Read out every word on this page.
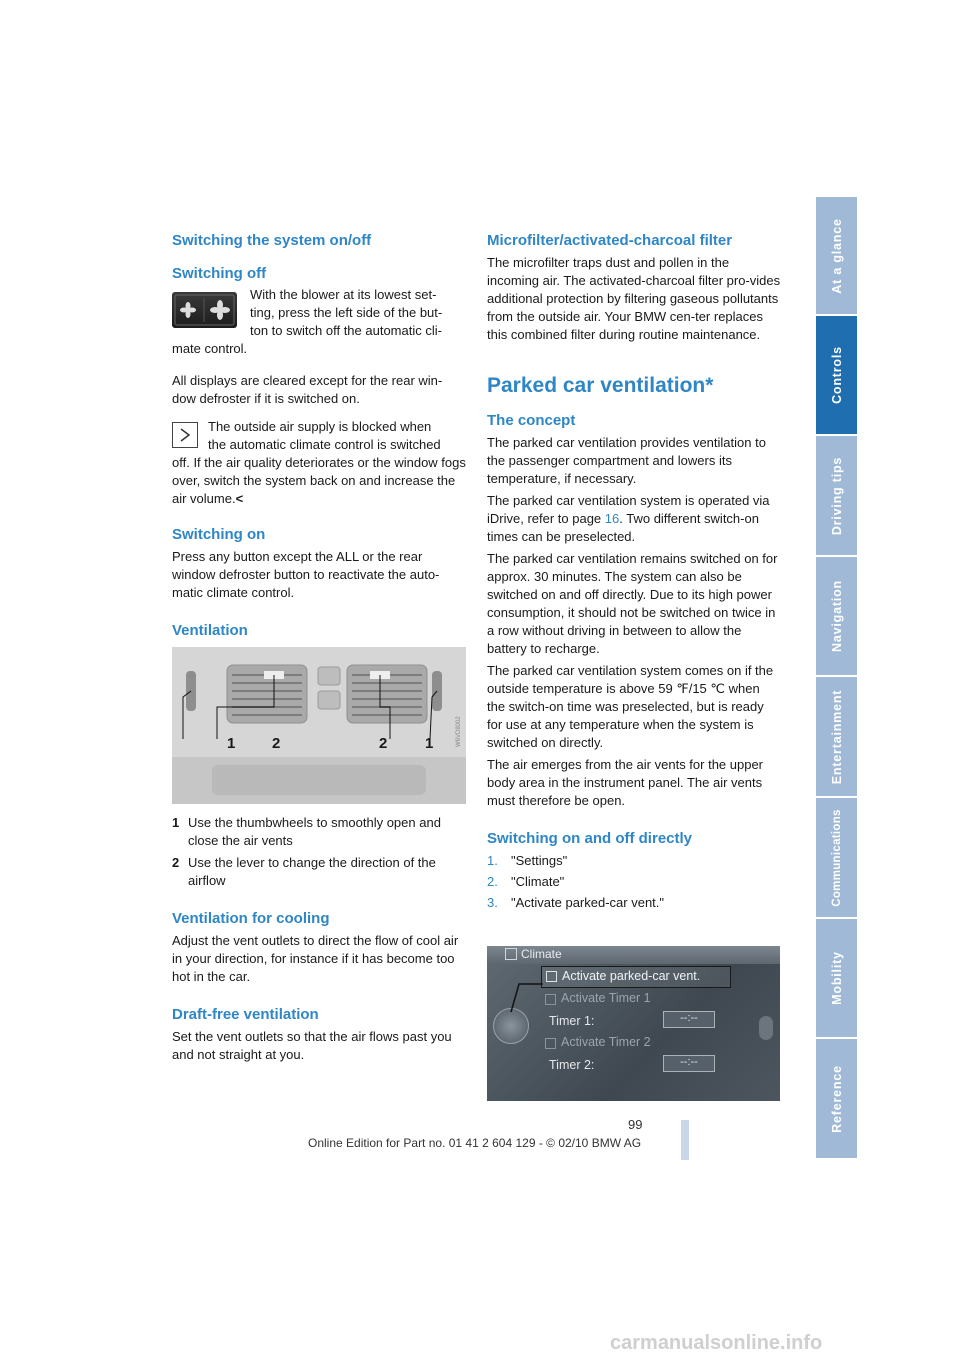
At a glance
Controls
Driving tips
Navigation
Entertainment
Communications
Mobility
Reference
Switching the system on/off
Switching off

With the blower at its lowest set-

ting, press the left side of the but-

ton to switch off the automatic cli-

mate control.

All displays are cleared except for the rear win-dow defroster if it is switched on.

The outside air supply is blocked when

the automatic climate control is switched

off. If the air quality deteriorates or the window fogs over, switch the system back on and increase the air volume.<

Switching on

Press any button except the ALL or the rear window defroster button to reactivate the auto-matic climate control.

Ventilation
1 2	2	1	W6VD8002
1 Use the thumbwheels to smoothly open and close the air vents
2 Use the lever to change the direction of the airflow
Ventilation for cooling

Adjust the vent outlets to direct the flow of cool air in your direction, for instance if it has become too hot in the car.

Draft-free ventilation

Set the vent outlets so that the air flows past you and not straight at you.

Microfilter/activated-charcoal filter

The microfilter traps dust and pollen in the incoming air. The activated-charcoal filter pro-vides additional protection by filtering gaseous pollutants from the outside air. Your BMW cen-ter replaces this combined filter during routine maintenance.

Parked car ventilation*
The concept

The parked car ventilation provides ventilation to the passenger compartment and lowers its temperature, if necessary.

The parked car ventilation system is operated via iDrive, refer to page 16. Two different switch-on times can be preselected.

The parked car ventilation remains switched on for approx. 30 minutes. The system can also be switched on and off directly. Due to its high power consumption, it should not be switched on twice in a row without driving in between to allow the battery to recharge.

The parked car ventilation system comes on if the outside temperature is above 59 ℉/15 ℃ when the switch-on time was preselected, but is ready for use at any temperature when the system is switched on directly.

The air emerges from the air vents for the upper body area in the instrument panel. The air vents must therefore be open.

Switching on and off directly
1.	"Settings"
2.	"Climate"
3.	"Activate parked-car vent."
Climate
Activate parked-car vent.
Activate Timer 1
Timer 1:	--:--
Activate Timer 2
Timer 2:	--:--
99
Online Edition for Part no. 01 41 2 604 129 - © 02/10 BMW AG
carmanualsonline.info
